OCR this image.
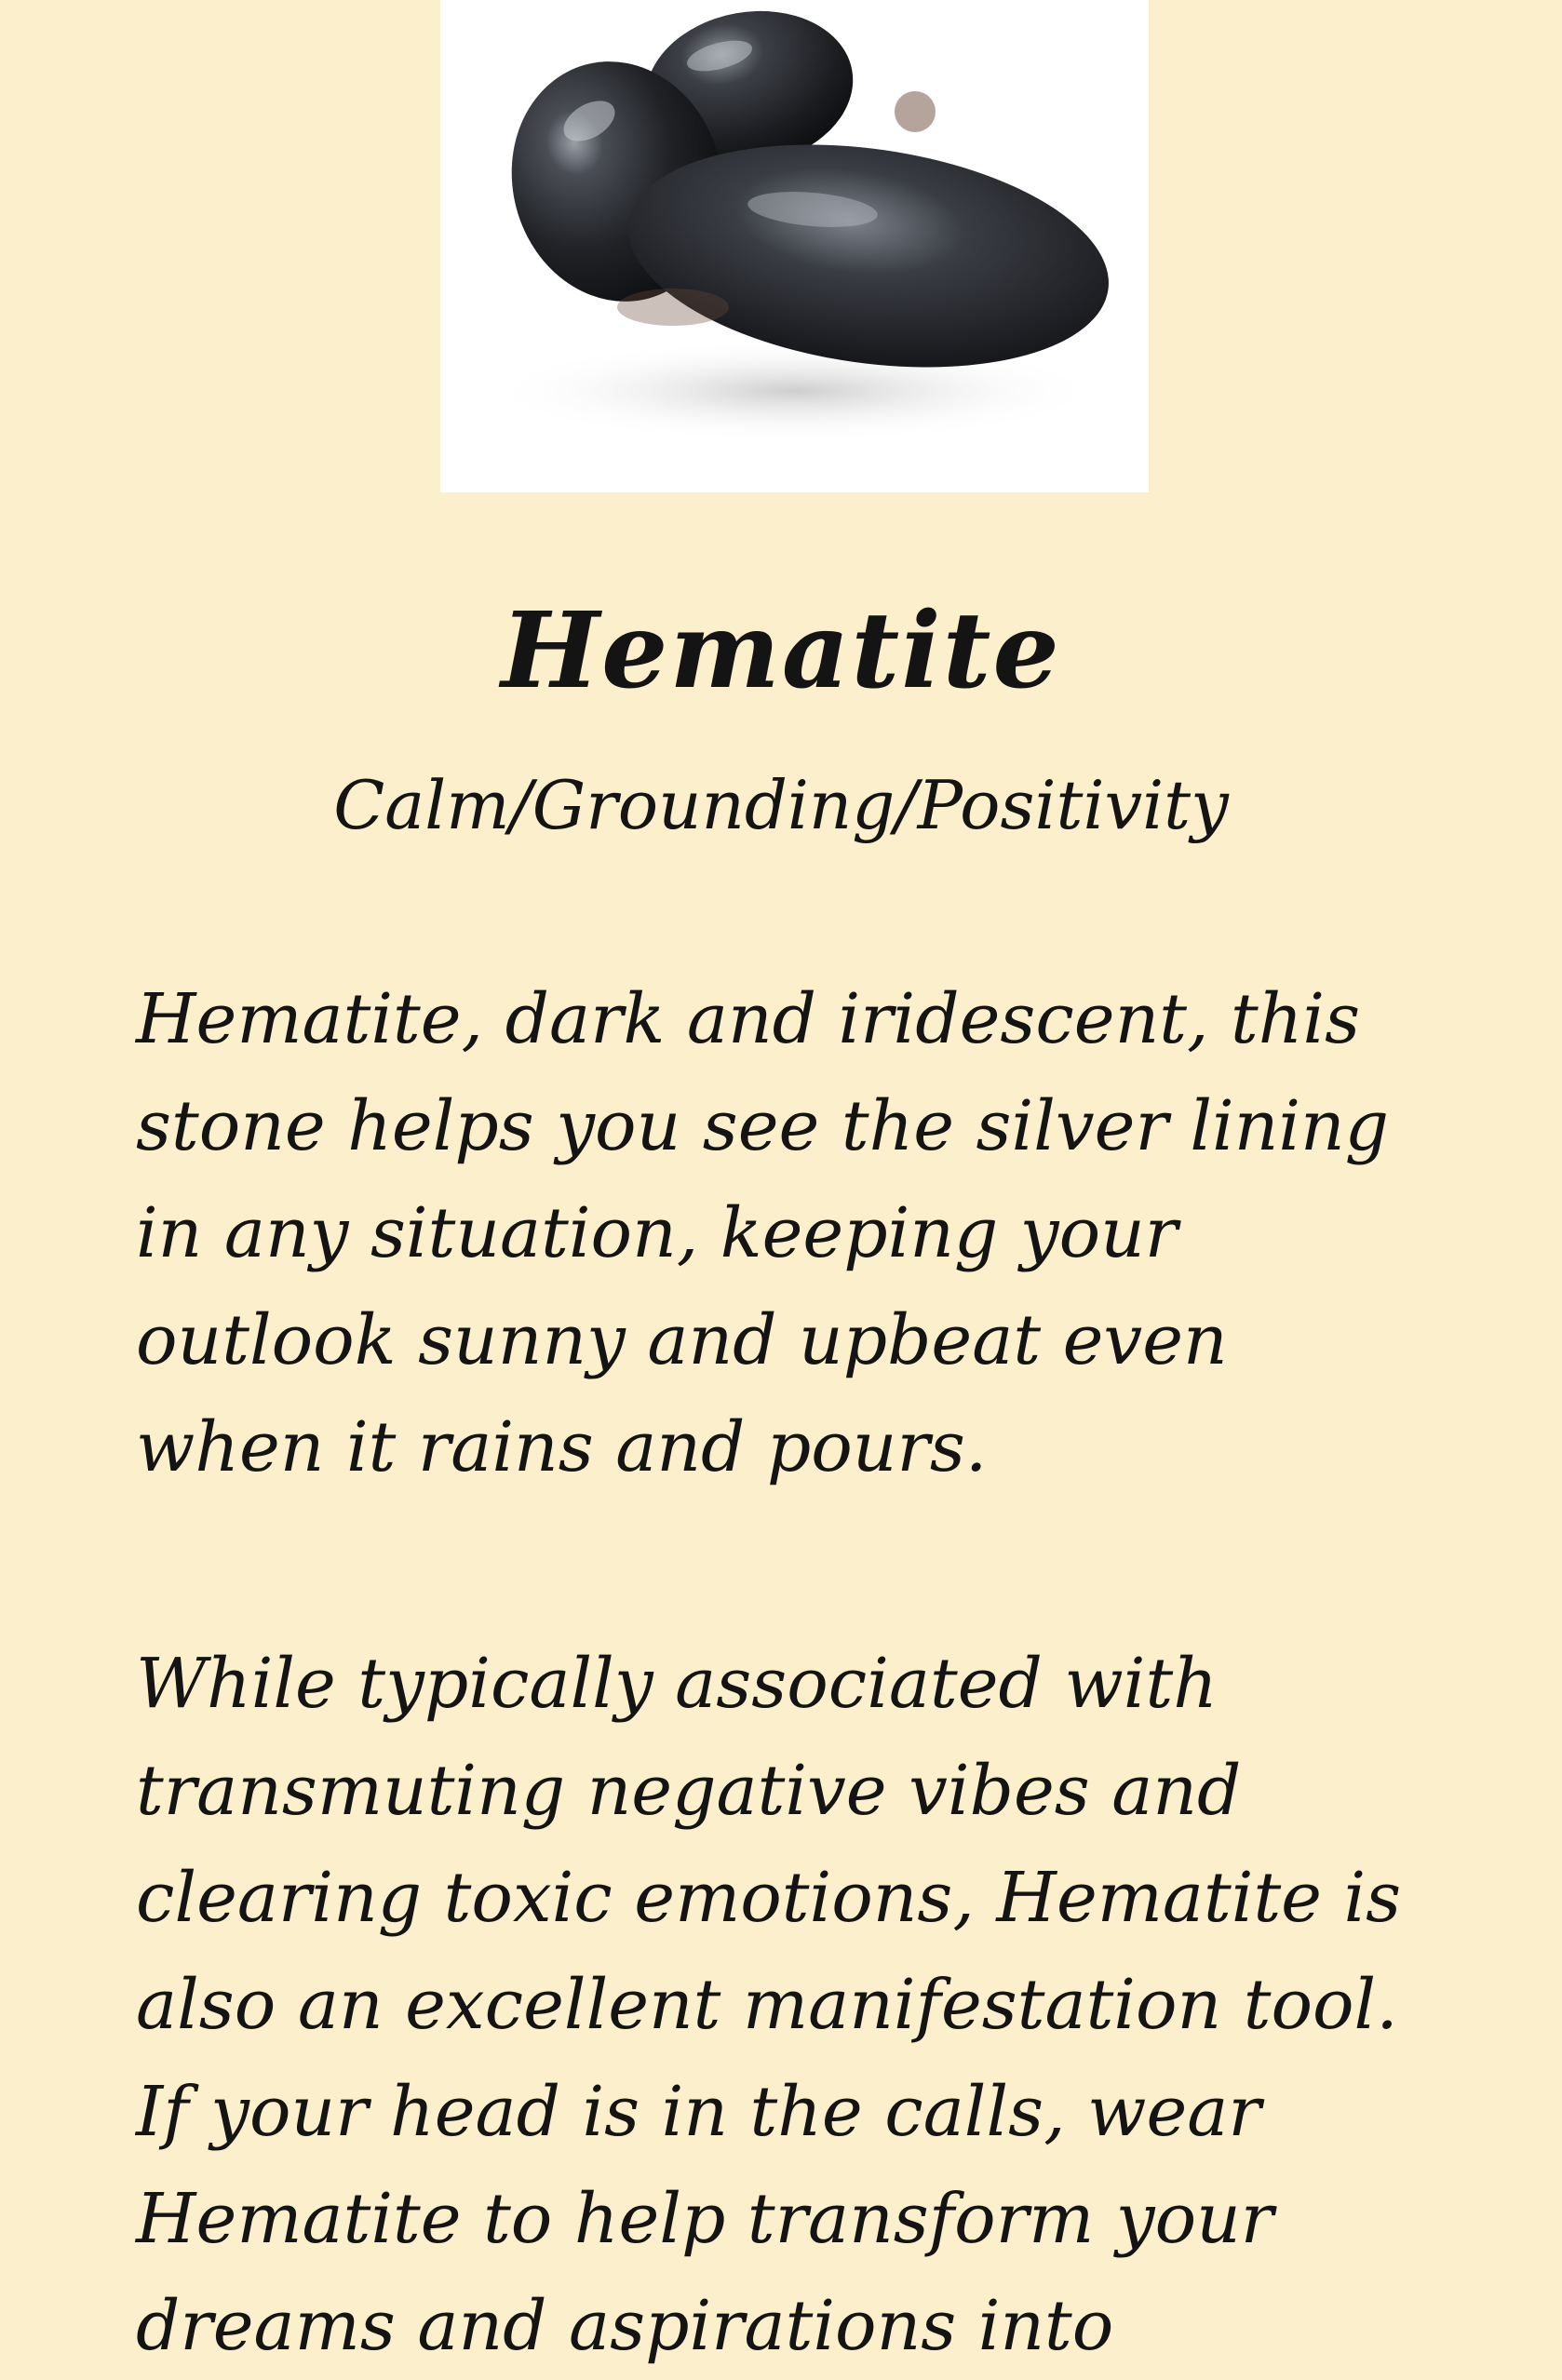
Hematite
Calm/Grounding/Positivity

Hematite, dark and iridescent, this
stone helps you see the silver lining
in any situation, keeping your
outlook sunny and upbeat even
when it rains and pours.

While typically associated with
transmuting negative vibes and
clearing toxic emotions, Hematite is
also an excellent manifestation tool.
If your head is in the calls, wear
Hematite to help transform your
dreams and aspirations into
